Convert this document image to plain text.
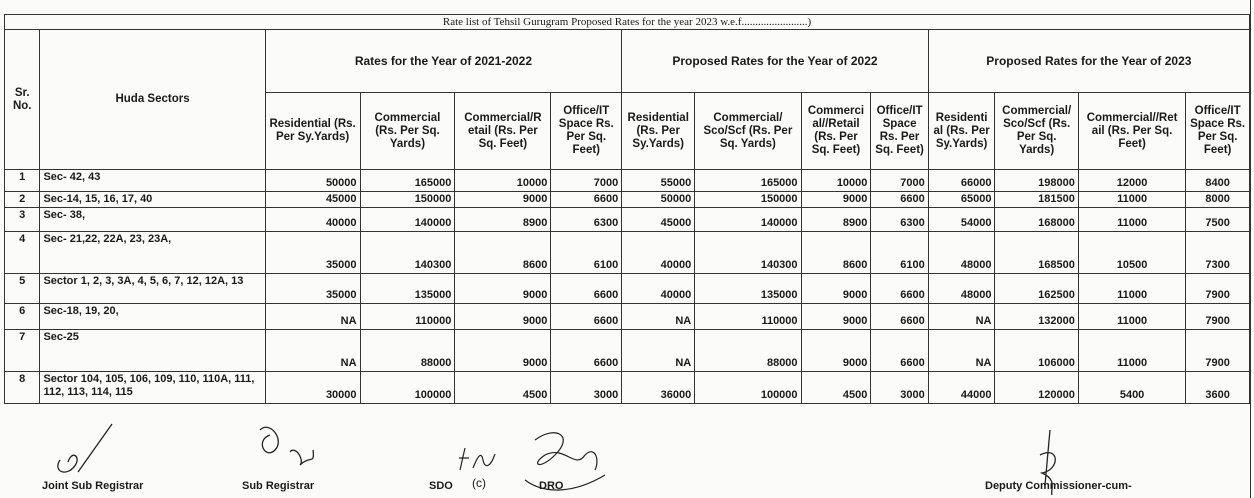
Rate list of Tehsil Gurugram Proposed Rates for the year 2023 w.e.f........................)													
Sr. No.	Huda Sectors	Rates for the Year of 2021-2022				Proposed Rates for the Year of 2022				Proposed Rates for the Year of 2023			
		Residential (Rs. Per Sy.Yards)	Commercial (Rs. Per Sq. Yards)	Commercial/R etail (Rs. Per Sq. Feet)	Office/IT Space Rs. Per Sq. Feet)	Residential (Rs. Per Sy.Yards)	Commercial/ Sco/Scf (Rs. Per Sq. Yards)	Commerci al//Retail (Rs. Per Sq. Feet)	Office/IT Space Rs. Per Sq. Feet)	Residenti al (Rs. Per Sy.Yards)	Commercial/ Sco/Scf (Rs. Per Sq. Yards)	Commercial//Ret ail (Rs. Per Sq. Feet)	Office/IT Space Rs. Per Sq. Feet)
1	Sec- 42, 43	50000	165000	10000	7000	55000	165000	10000	7000	66000	198000	12000	8400
2	Sec-14, 15, 16, 17, 40	45000	150000	9000	6600	50000	150000	9000	6600	65000	181500	11000	8000
3	Sec- 38,	40000	140000	8900	6300	45000	140000	8900	6300	54000	168000	11000	7500
4	Sec- 21,22, 22A, 23, 23A,	35000	140300	8600	6100	40000	140300	8600	6100	48000	168500	10500	7300
5	Sector 1, 2, 3, 3A, 4, 5, 6, 7, 12, 12A, 13	35000	135000	9000	6600	40000	135000	9000	6600	48000	162500	11000	7900
6	Sec-18, 19, 20,	NA	110000	9000	6600	NA	110000	9000	6600	NA	132000	11000	7900
7	Sec-25	NA	88000	9000	6600	NA	88000	9000	6600	NA	106000	11000	7900
8	Sector 104, 105, 106, 109, 110, 110A, 111, 112, 113, 114, 115	30000	100000	4500	3000	36000	100000	4500	3000	44000	120000	5400	3600
Joint Sub Registrar	Sub Registrar	SDO (c)	DRO	Deputy Commissioner-cum-
